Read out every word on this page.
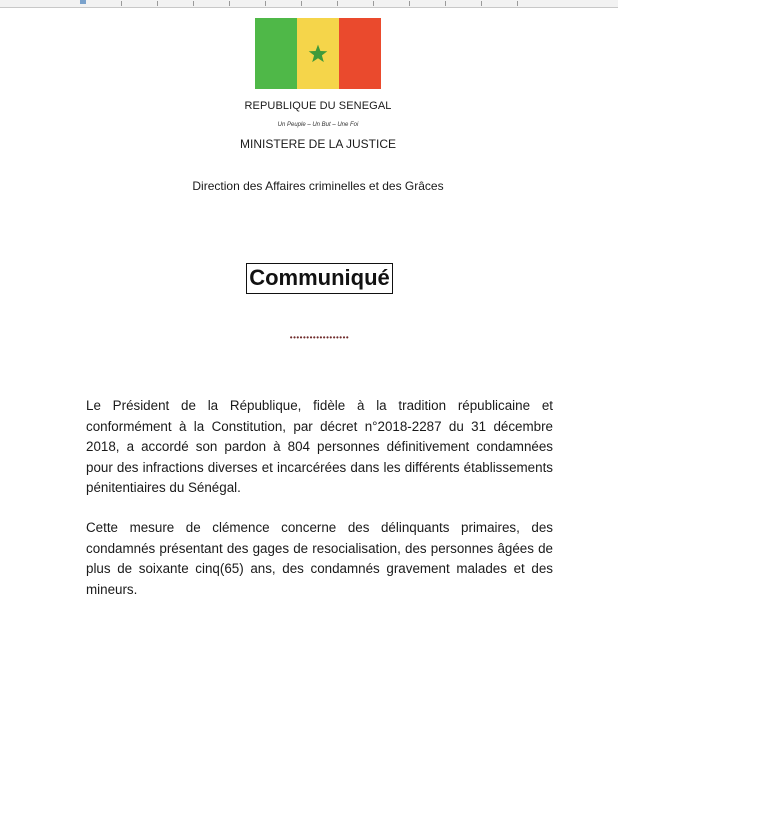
REPUBLIQUE DU SENEGAL
Un Peuple – Un But – Une Foi
MINISTERE DE LA JUSTICE
Direction des Affaires criminelles et des Grâces
Communiqué
••••••••••••••••••

Le Président de la République, fidèle à la tradition républicaine et conformément à la Constitution, par décret n°2018-2287 du 31 décembre 2018, a accordé son pardon à 804 personnes définitivement condamnées pour des infractions diverses et incarcérées dans les différents établissements pénitentiaires du Sénégal.

Cette mesure de clémence concerne des délinquants primaires, des condamnés présentant des gages de resocialisation, des personnes âgées de plus de soixante cinq(65) ans, des condamnés gravement malades et des mineurs.
